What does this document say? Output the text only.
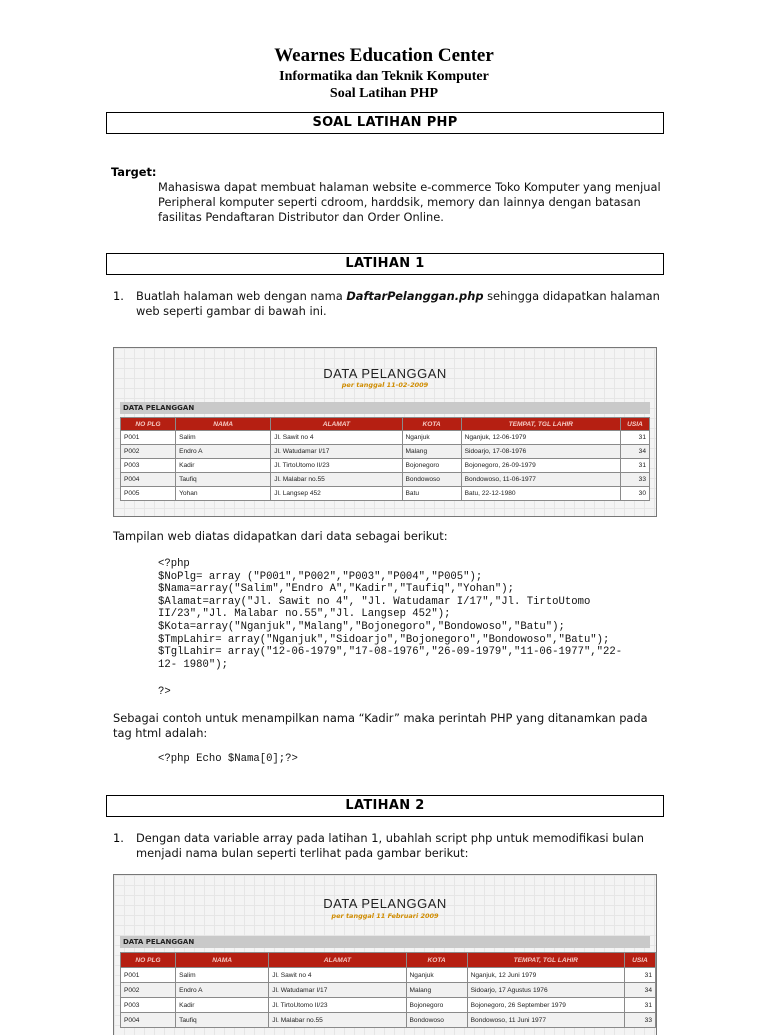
Wearnes Education Center
Informatika dan Teknik Komputer
Soal Latihan PHP
SOAL LATIHAN PHP
Target:
Mahasiswa dapat membuat halaman website e-commerce Toko Komputer yang menjual
Peripheral komputer seperti cdroom, harddsik, memory dan lainnya dengan batasan
fasilitas Pendaftaran Distributor dan Order Online.
LATIHAN 1
1. Buatlah halaman web dengan nama DaftarPelanggan.php sehingga didapatkan halaman
web seperti gambar di bawah ini.
DATA PELANGGAN
per tanggal 11-02-2009
DATA PELANGGAN
NO PLG	NAMA	ALAMAT	KOTA	TEMPAT, TGL LAHIR	USIA
P001	Salim	Jl. Sawit no 4	Nganjuk	Nganjuk, 12-06-1979	31
P002	Endro A	Jl. Watudamar I/17	Malang	Sidoarjo, 17-08-1976	34
P003	Kadir	Jl. TirtoUtomo II/23	Bojonegoro	Bojonegoro, 26-09-1979	31
P004	Taufiq	Jl. Malabar no.55	Bondowoso	Bondowoso, 11-06-1977	33
P005	Yohan	Jl. Langsep 452	Batu	Batu, 22-12-1980	30
Tampilan web diatas didapatkan dari data sebagai berikut:
<?php
$NoPlg= array ("P001","P002","P003","P004","P005");
$Nama=array("Salim","Endro A","Kadir","Taufiq","Yohan");
$Alamat=array("Jl. Sawit no 4", "Jl. Watudamar I/17","Jl. TirtoUtomo
II/23","Jl. Malabar no.55","Jl. Langsep 452");
$Kota=array("Nganjuk","Malang","Bojonegoro","Bondowoso","Batu");
$TmpLahir= array("Nganjuk","Sidoarjo","Bojonegoro","Bondowoso","Batu");
$TglLahir= array("12-06-1979","17-08-1976","26-09-1979","11-06-1977","22-
12- 1980");
?>
Sebagai contoh untuk menampilkan nama “Kadir” maka perintah PHP yang ditanamkan pada
tag html adalah:
<?php Echo $Nama[0];?>
LATIHAN 2
1. Dengan data variable array pada latihan 1, ubahlah script php untuk memodifikasi bulan
menjadi nama bulan seperti terlihat pada gambar berikut:
DATA PELANGGAN
per tanggal 11 Februari 2009
DATA PELANGGAN
NO PLG	NAMA	ALAMAT	KOTA	TEMPAT, TGL LAHIR	USIA
P001	Salim	Jl. Sawit no 4	Nganjuk	Nganjuk, 12 Juni 1979	31
P002	Endro A	Jl. Watudamar I/17	Malang	Sidoarjo, 17 Agustus 1976	34
P003	Kadir	Jl. TirtoUtomo II/23	Bojonegoro	Bojonegoro, 26 September 1979	31
P004	Taufiq	Jl. Malabar no.55	Bondowoso	Bondowoso, 11 Juni 1977	33
